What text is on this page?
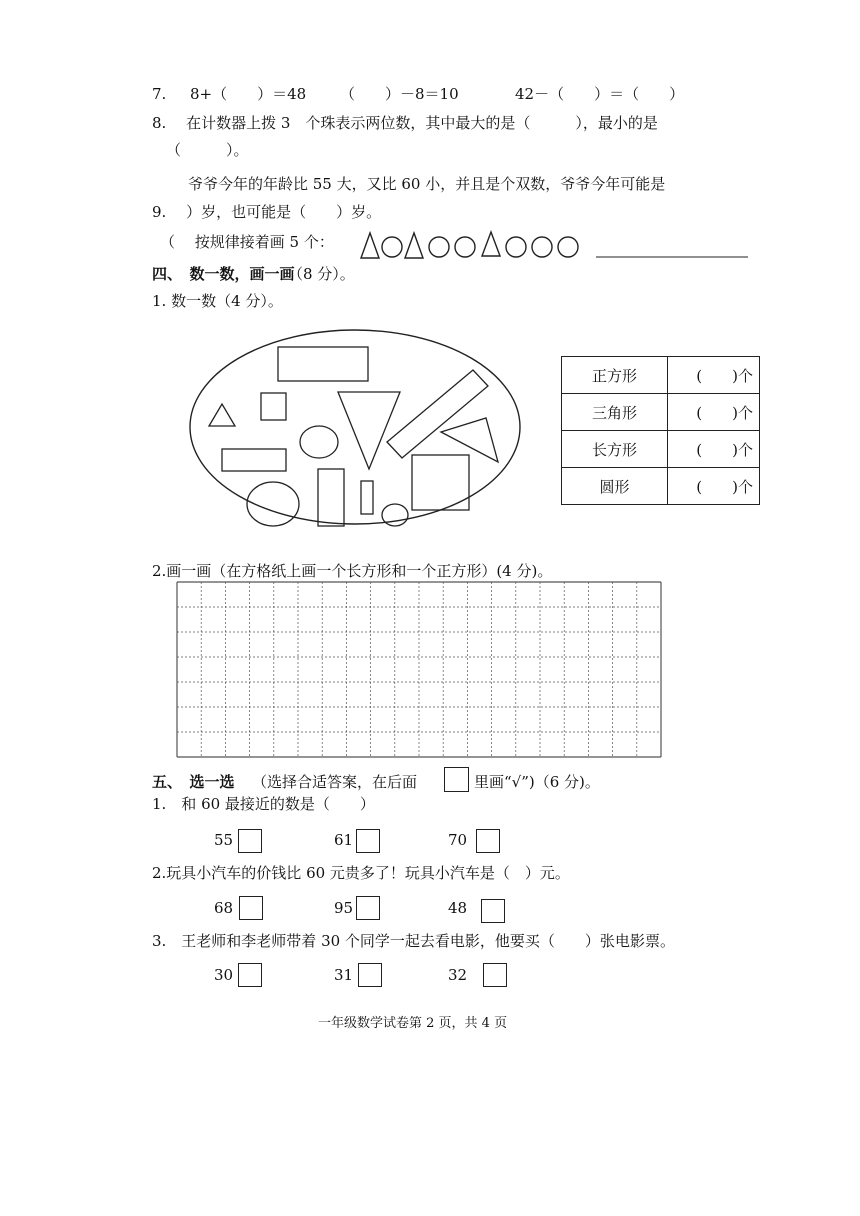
7. 8+（　　）＝48 （　　）－8＝10	42－（　　）＝（　　）
8.　 在计数器上拨 3　个珠表示两位数，其中最大的是（　　　），最小的是
（　　　）。
爷爷今年的年龄比 55 大，又比 60 小，并且是个双数，爷爷今年可能是
9.　 ）岁，也可能是（　　）岁。
（　 按规律接着画 5 个：
四、　数一数，画一画
（8 分）。
1. 数一数（4 分）。
正方形	(　　)个
三角形	(　　)个
长方形	(　　)个
圆形	(　　)个
2.画一画（在方格纸上画一个长方形和一个正方形）(4 分)。
五、　选一选 （选择合适答案，在后面	里画“√”)（6 分)。
1.　和 60 最接近的数是（　　）
55	61	70
2.玩具小汽车的价钱比 60 元贵多了！玩具小汽车是（　）元。
68	95	48
3.　王老师和李老师带着 30 个同学一起去看电影，他要买（　　）张电影票。
30	31	32
一年级数学试卷第 2 页，共 4 页
